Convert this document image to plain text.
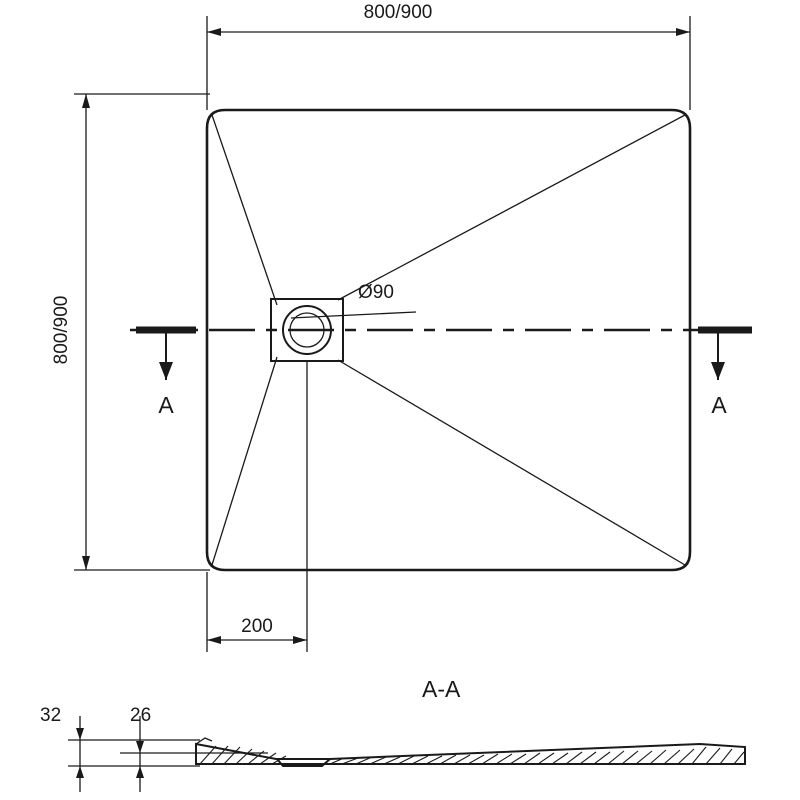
800/900
800/900
Ø90
200
A	A
A-A
32	26
